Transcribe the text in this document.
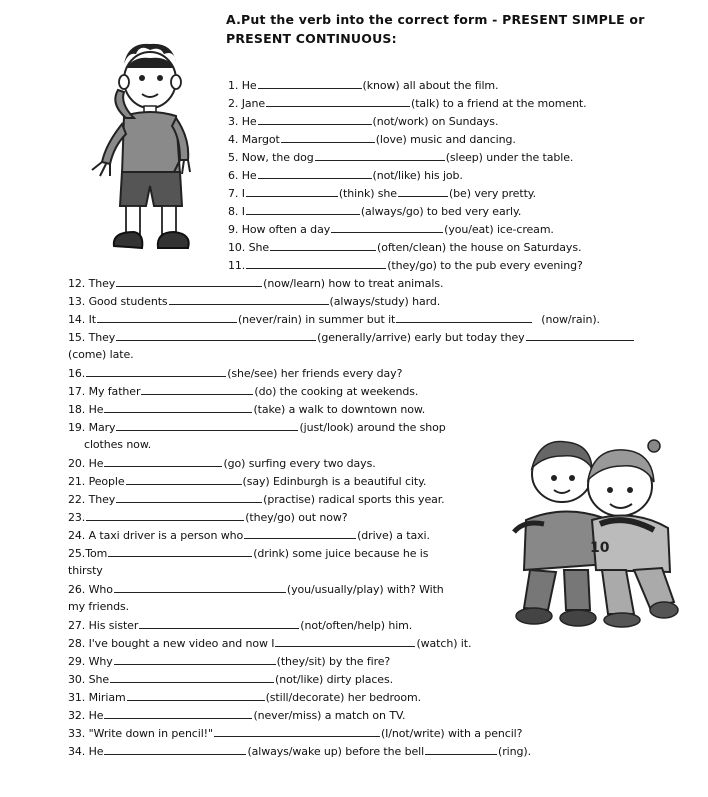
A.Put the verb into the correct form - PRESENT SIMPLE or
PRESENT CONTINUOUS:
10
1. He	(know) all about the film.
2. Jane	(talk) to a friend at the moment.
3. He	(not/work) on Sundays.
4. Margot	(love) music and dancing.
5. Now, the dog	(sleep) under the table.
6. He	(not/like) his job.
7. I	(think) she	(be) very pretty.
8. I	(always/go) to bed very early.
9. How often a day	(you/eat) ice-cream.
10. She	(often/clean) the house on Saturdays.
11.	(they/go) to the pub every evening?
12. They	(now/learn) how to treat animals.
13. Good students	(always/study) hard.
14. It	(never/rain) in summer but it	(now/rain).
15. They	(generally/arrive) early but today they
(come) late.
16.	(she/see) her friends every day?
17. My father	(do) the cooking at weekends.
18. He	(take) a walk to downtown now.
19. Mary	(just/look) around the shop
clothes now.
20. He	(go) surfing every two days.
21. People	(say) Edinburgh is a beautiful city.
22. They	(practise) radical sports this year.
23.	(they/go) out now?
24. A taxi driver is a person who	(drive) a taxi.
25.Tom	(drink) some juice because he is
thirsty
26. Who	(you/usually/play) with? With
my friends.
27. His sister	(not/often/help) him.
28. I've bought a new video and now I	(watch) it.
29. Why	(they/sit) by the fire?
30. She	(not/like) dirty places.
31. Miriam	(still/decorate) her bedroom.
32. He	(never/miss) a match on TV.
33. "Write down in pencil!"	(I/not/write) with a pencil?
34. He	(always/wake up) before the bell	(ring).
